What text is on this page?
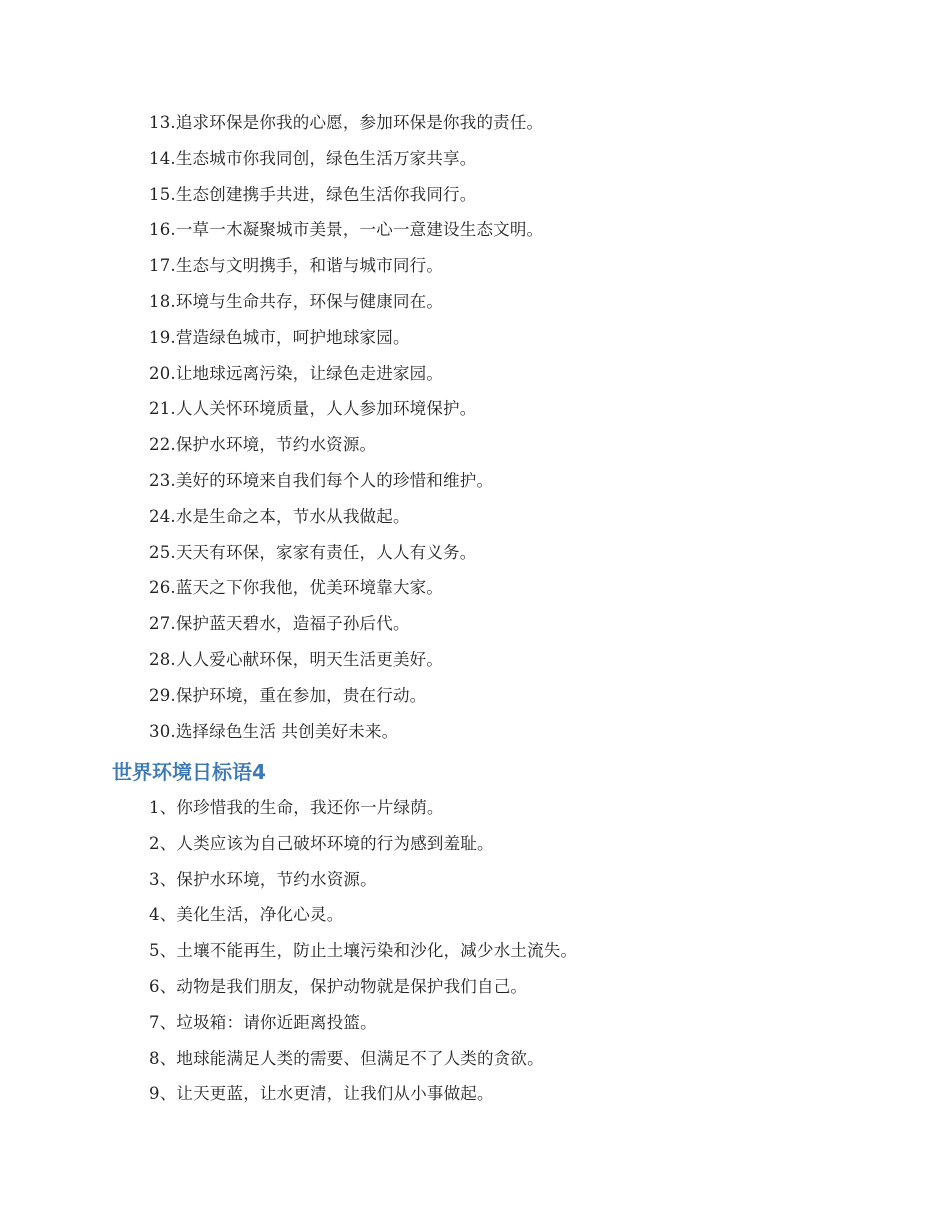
13.追求环保是你我的心愿，参加环保是你我的责任。
14.生态城市你我同创，绿色生活万家共享。
15.生态创建携手共进，绿色生活你我同行。
16.一草一木凝聚城市美景，一心一意建设生态文明。
17.生态与文明携手，和谐与城市同行。
18.环境与生命共存，环保与健康同在。
19.营造绿色城市，呵护地球家园。
20.让地球远离污染，让绿色走进家园。
21.人人关怀环境质量，人人参加环境保护。
22.保护水环境，节约水资源。
23.美好的环境来自我们每个人的珍惜和维护。
24.水是生命之本，节水从我做起。
25.天天有环保，家家有责任，人人有义务。
26.蓝天之下你我他，优美环境靠大家。
27.保护蓝天碧水，造福子孙后代。
28.人人爱心献环保，明天生活更美好。
29.保护环境，重在参加，贵在行动。
30.选择绿色生活 共创美好未来。
世界环境日标语4
1、你珍惜我的生命，我还你一片绿荫。
2、人类应该为自己破坏环境的行为感到羞耻。
3、保护水环境，节约水资源。
4、美化生活，净化心灵。
5、土壤不能再生，防止土壤污染和沙化，减少水土流失。
6、动物是我们朋友，保护动物就是保护我们自己。
7、垃圾箱：请你近距离投篮。
8、地球能满足人类的需要、但满足不了人类的贪欲。
9、让天更蓝，让水更清，让我们从小事做起。
